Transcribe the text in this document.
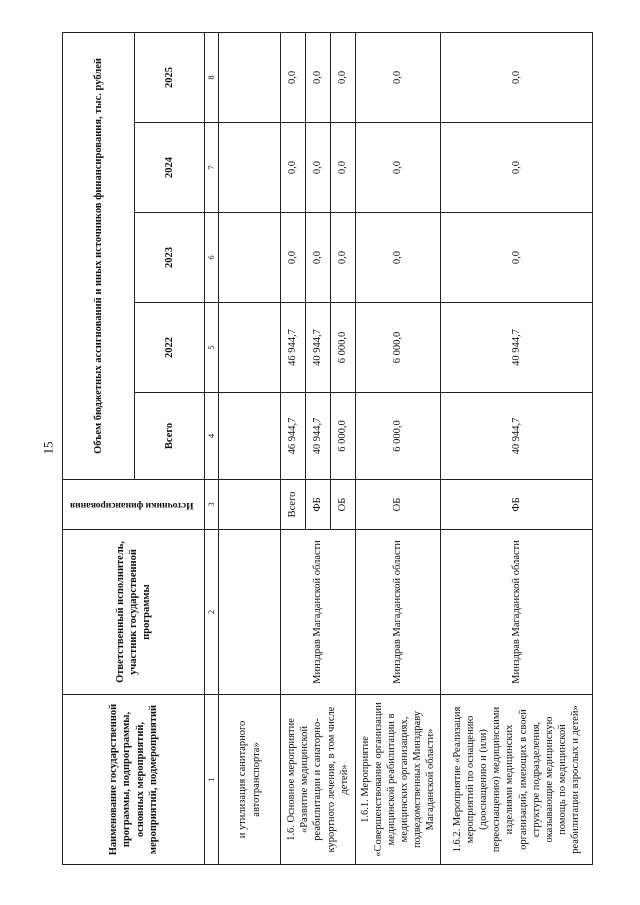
15
Наименование государственной программы, подпрограммы, основных мероприятий, мероприятий, подмероприятий	Ответственный исполнитель, участник государственной программы	Источники финансирования	Объем бюджетных ассигнований и иных источников финансирования, тыс. рублей				
			Всего	2022	2023	2024	2025
1	2	3	4	5	6	7	8
и утилизация санитарного автотранспорта»							
1.6. Основное мероприятие «Развитие медицинской реабилитации и санаторно-курортного лечения, в том числе детей»	Минздрав Магаданской области	Всего	46 944,7	46 944,7	0,0	0,0	0,0
		ФБ	40 944,7	40 944,7	0,0	0,0	0,0
		ОБ	6 000,0	6 000,0	0,0	0,0	0,0
1.6.1. Мероприятие «Совершенствование организации медицинской реабилитации в медицинских организациях, подведомственных Минздраву Магаданской области»	Минздрав Магаданской области	ОБ	6 000,0	6 000,0	0,0	0,0	0,0
1.6.2. Мероприятие «Реализация мероприятий по оснащению (дооснащению и (или) переоснащению) медицинскими изделиями медицинских организаций, имеющих в своей структуре подразделения, оказывающие медицинскую помощь по медицинской реабилитации взрослых и детей»	Минздрав Магаданской области	ФБ	40 944,7	40 944,7	0,0	0,0	0,0
